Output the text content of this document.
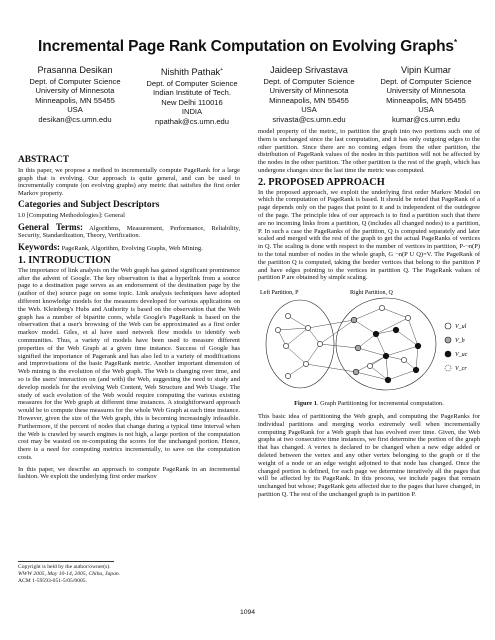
Incremental Page Rank Computation on Evolving Graphs*
Prasanna Desikan
Dept. of Computer Science
University of Minnesota
Minneapolis, MN 55455
USA
desikan@cs.umn.edu
Nishith Pathak+
Dept. of Computer Science
Indian Institute of Tech.
New Delhi 110016
INDIA
npathak@cs.umn.edu
Jaideep Srivastava
Dept. of Computer Science
University of Minnesota
Minneapolis, MN 55455
USA
srivasta@cs.umn.edu
Vipin Kumar
Dept. of Computer Science
University of Minnesota
Minneapolis, MN 55455
USA
kumar@cs.umn.edu
ABSTRACT

In this paper, we propose a method to incrementally compute PageRank for a large graph that is evolving. Our approach is quite general, and can be used to incrementally compute (on evolving graphs) any metric that satisfies the first order Markov property.

Categories and Subject Descriptors

I.0 [Computing Methodologies]: General

General Terms: Algorithms, Measurement, Performance, Reliability, Security, Standardization, Theory, Verification.

Keywords: PageRank, Algorithm, Evolving Graphs, Web Mining.

1. INTRODUCTION

The importance of link analysis on the Web graph has gained significant prominence after the advent of Google. The key observation is that a hyperlink from a source page to a destination page serves as an endorsement of the destination page by the (author of the) source page on some topic. Link analysis techniques have adopted different knowledge models for the measures developed for various applications on the Web. Kleinberg's Hubs and Authority is based on the observation that the Web graph has a number of bipartite cores, while Google's PageRank is based on the observation that a user's browsing of the Web can be approximated as a first order markov model. Giles, et al have used network flow models to identify web communities. Thus, a variety of models have been used to measure different properties of the Web Graph at a given time instance. Success of Google has signified the importance of Pagerank and has also led to a variety of modifications and improvisations of the basic PageRank metric. Another important dimension of Web mining is the evolution of the Web graph. The Web is changing over time, and so is the users' interaction on (and with) the Web, suggesting the need to study and develop models for the evolving Web Content, Web Structure and Web Usage. The study of such evolution of the Web would require computing the various existing measures for the Web graph at different time instances. A straightforward approach would be to compute these measures for the whole Web Graph at each time instance. However, given the size of the Web graph, this is becoming increasingly infeasible. Furthermore, if the percent of nodes that change during a typical time interval when the Web is crawled by search engines is not high, a large portion of the computation cost may be wasted on re-computing the scores for the unchanged portion. Hence, there is a need for computing metrics incrementally, to save on the computation costs.

In this paper, we describe an approach to compute PageRank in an incremental fashion. We exploit the underlying first order markov

Copyright is held by the author/owner(s).
WWW 2005, May 10-14, 2005, Chiba, Japan.
ACM 1-59593-051-5/05/0005.

model property of the metric, to partition the graph into two portions such one of them is unchanged since the last computation, and it has only outgoing edges to the other partition. Since there are no coming edges from the other partition, the distribution of PageRank values of the nodes in this partition will not be affected by the nodes in the other partition. The other partition is the rest of the graph, which has undergone changes since the last time the metric was computed.

2. PROPOSED APPROACH

In the proposed approach, we exploit the underlying first order Markov Model on which the computation of PageRank is based. It should be noted that PageRank of a page depends only on the pages that point to it and is independent of the outdegree of the page. The principle idea of our approach is to find a partition such that there are no incoming links from a partition, Q (includes all changed nodes) to a partition, P. In such a case the PageRanks of the partition, Q is computed separately and later scaled and merged with the rest of the graph to get the actual PageRanks of vertices in Q. The scaling is done with respect to the number of vertices in partition, P-¬n(P) to the total number of nodes in the whole graph, G ¬n(P U Q)=V. The PageRank of the partition Q is computed, taking the border vertices that belong to the partition P and have edges pointing to the vertices in partition Q. The PageRank values of partition P are obtained by simple scaling.

Left Partition, P	Right Partition, Q
V_ul
V_b
V_uc
V_cr
Figure 1. Graph Partitioning for incremental computation.

This basic idea of partitioning the Web graph, and computing the PageRanks for individual partitions and merging works extremely well when incrementally computing PageRank for a Web graph that has evolved over time. Given, the Web graphs at two consecutive time instances, we first determine the portion of the graph that has changed. A vertex is declared to be changed when a new edge added or deleted between the vertex and any other vertex belonging to the graph or if the weight of a node or an edge weight adjoined to that node has changed. Once the changed portion is defined, for each page we determine iteratively all the pages that will be affected by its PageRank. In this process, we include pages that remain unchanged but whose; PageRank gets affected due to the pages that have changed, in partition Q. The rest of the unchanged graph is in partition P.

1094
